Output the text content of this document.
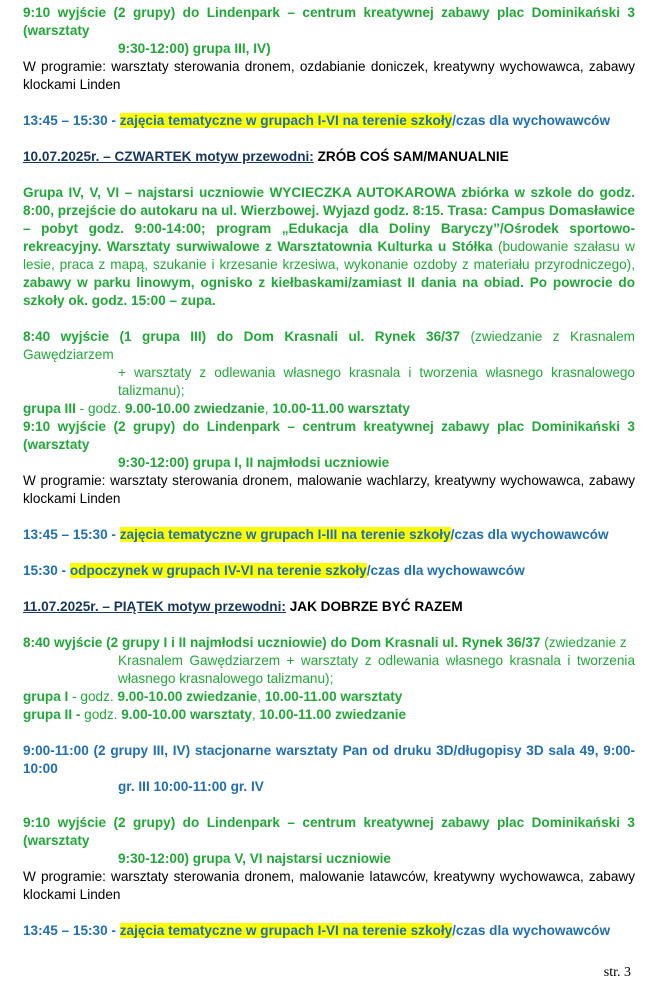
9:10 wyjście (2 grupy) do Lindenpark – centrum kreatywnej zabawy plac Dominikański 3 (warsztaty

9:30-12:00) grupa III, IV)

W programie: warsztaty sterowania dronem, ozdabianie doniczek, kreatywny wychowawca, zabawy klockami Linden

13:45 – 15:30 - zajęcia tematyczne w grupach I-VI na terenie szkoły/czas dla wychowawców

10.07.2025r. – CZWARTEK motyw przewodni: ZRÓB COŚ SAM/MANUALNIE

Grupa IV, V, VI – najstarsi uczniowie WYCIECZKA AUTOKAROWA zbiórka w szkole do godz. 8:00, przejście do autokaru na ul. Wierzbowej. Wyjazd godz. 8:15. Trasa: Campus Domasławice – pobyt godz. 9:00-14:00; program „Edukacja dla Doliny Baryczy”/Ośrodek sportowo-rekreacyjny. Warsztaty surwiwalowe z Warsztatownia Kulturka u Stółka (budowanie szałasu w lesie, praca z mapą, szukanie i krzesanie krzesiwa, wykonanie ozdoby z materiału przyrodniczego), zabawy w parku linowym, ognisko z kiełbaskami/zamiast II dania na obiad. Po powrocie do szkoły ok. godz. 15:00 – zupa.

8:40 wyjście (1 grupa III) do Dom Krasnali ul. Rynek 36/37 (zwiedzanie z Krasnalem Gawędziarzem

+ warsztaty z odlewania własnego krasnala i tworzenia własnego krasnalowego talizmanu);

grupa III - godz. 9.00-10.00 zwiedzanie, 10.00-11.00 warsztaty

9:10 wyjście (2 grupy) do Lindenpark – centrum kreatywnej zabawy plac Dominikański 3 (warsztaty

9:30-12:00) grupa I, II najmłodsi uczniowie

W programie: warsztaty sterowania dronem, malowanie wachlarzy, kreatywny wychowawca, zabawy klockami Linden

13:45 – 15:30 - zajęcia tematyczne w grupach I-III na terenie szkoły/czas dla wychowawców

15:30 - odpoczynek w grupach IV-VI na terenie szkoły/czas dla wychowawców

11.07.2025r. – PIĄTEK motyw przewodni: JAK DOBRZE BYĆ RAZEM

8:40 wyjście (2 grupy I i II najmłodsi uczniowie) do Dom Krasnali ul. Rynek 36/37 (zwiedzanie z

Krasnalem Gawędziarzem + warsztaty z odlewania własnego krasnala i tworzenia własnego krasnalowego talizmanu);

grupa I - godz. 9.00-10.00 zwiedzanie, 10.00-11.00 warsztaty

grupa II - godz. 9.00-10.00 warsztaty, 10.00-11.00 zwiedzanie

9:00-11:00 (2 grupy III, IV) stacjonarne warsztaty Pan od druku 3D/długopisy 3D sala 49, 9:00-10:00

gr. III 10:00-11:00 gr. IV

9:10 wyjście (2 grupy) do Lindenpark – centrum kreatywnej zabawy plac Dominikański 3 (warsztaty

9:30-12:00) grupa V, VI najstarsi uczniowie

W programie: warsztaty sterowania dronem, malowanie latawców, kreatywny wychowawca, zabawy klockami Linden

13:45 – 15:30 - zajęcia tematyczne w grupach I-VI na terenie szkoły/czas dla wychowawców

str. 3
